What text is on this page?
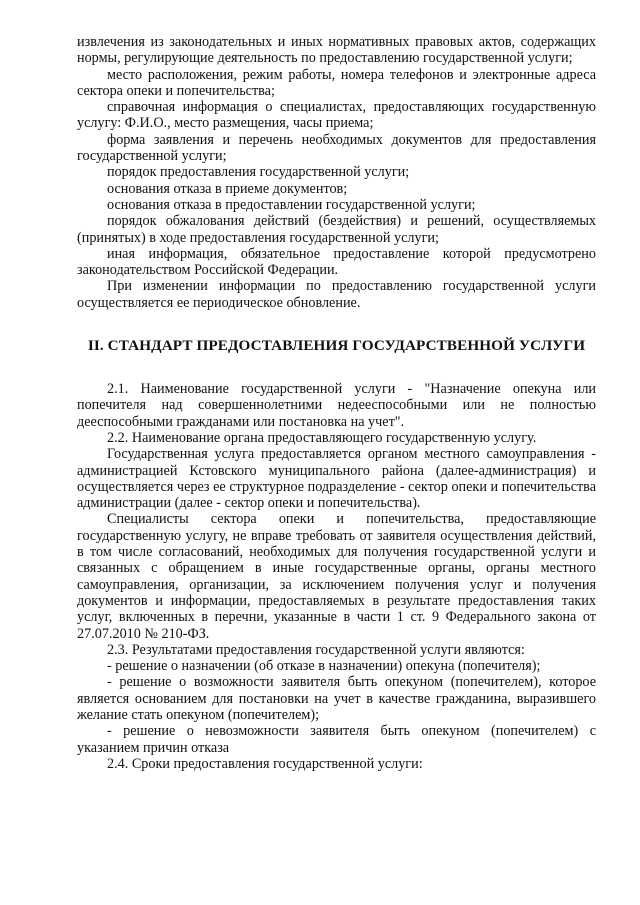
извлечения из законодательных и иных нормативных правовых актов, содержащих нормы, регулирующие деятельность по предоставлению государственной услуги;

место расположения, режим работы, номера телефонов и электронные адреса сектора опеки и попечительства;

справочная информация о специалистах, предоставляющих государственную услугу: Ф.И.О., место размещения, часы приема;

форма заявления и перечень необходимых документов для предоставления государственной услуги;

порядок предоставления государственной услуги;

основания отказа в приеме документов;

основания отказа в предоставлении государственной услуги;

порядок обжалования действий (бездействия) и решений, осуществляемых (принятых) в ходе предоставления государственной услуги;

иная информация, обязательное предоставление которой предусмотрено законодательством Российской Федерации.

При изменении информации по предоставлению государственной услуги осуществляется ее периодическое обновление.

II. СТАНДАРТ ПРЕДОСТАВЛЕНИЯ ГОСУДАРСТВЕННОЙ УСЛУГИ

2.1. Наименование государственной услуги - "Назначение опекуна или попечителя над совершеннолетними недееспособными или не полностью дееспособными гражданами или постановка на учет".

2.2. Наименование органа предоставляющего государственную услугу.

Государственная услуга предоставляется органом местного самоуправления - администрацией Кстовского муниципального района (далее-администрация) и осуществляется через ее структурное подразделение - сектор опеки и попечительства администрации (далее - сектор опеки и попечительства).

Специалисты сектора опеки и попечительства, предоставляющие государственную услугу, не вправе требовать от заявителя осуществления действий, в том числе согласований, необходимых для получения государственной услуги и связанных с обращением в иные государственные органы, органы местного самоуправления, организации, за исключением получения услуг и получения документов и информации, предоставляемых в результате предоставления таких услуг, включенных в перечни, указанные в части 1 ст. 9 Федерального закона от 27.07.2010 № 210-ФЗ.

2.3. Результатами предоставления государственной услуги являются:

- решение о назначении (об отказе в назначении) опекуна (попечителя);

- решение о возможности заявителя быть опекуном (попечителем), которое является основанием для постановки на учет в качестве гражданина, выразившего желание стать опекуном (попечителем);

- решение о невозможности заявителя быть опекуном (попечителем) с указанием причин отказа

2.4. Сроки предоставления государственной услуги:
